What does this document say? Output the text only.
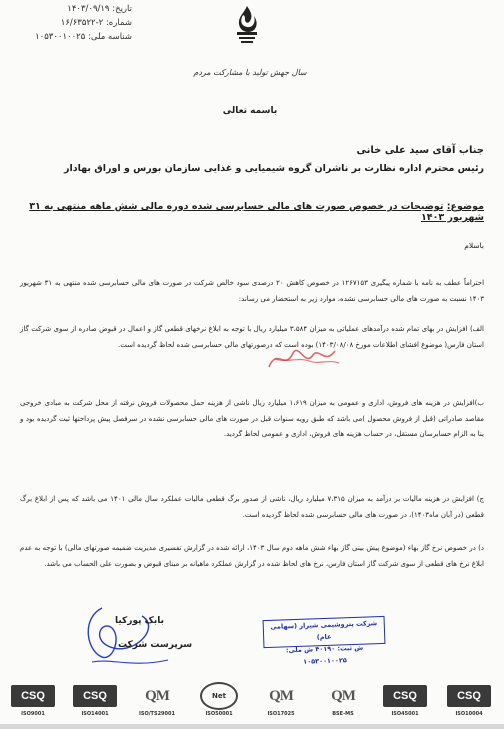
تاریخ: ۱۴۰۳/۰۹/۱۹
شماره: ۲-۱۶/۶۳۵۲۲
شناسه ملی: ۱۰۵۳۰۰۱۰۰۲۵
سال جهش تولید با مشارکت مردم
باسمه تعالی
جناب آقای سید علی خانی
رئیس محترم اداره نظارت بر ناشران گروه شیمیایی و غذایی سازمان بورس و اوراق بهادار
موضوع: توضیحات در خصوص صورت های مالی حسابرسی شده دوره مالی شش ماهه منتهی به ۳۱ شهریور ۱۴۰۳
باسلام
احتراماً عطف به نامه با شماره پیگیری ۱۲۶۷۱۵۳ در خصوص کاهش ۲۰ درصدی سود خالص شرکت در صورت های مالی حسابرسی شده منتهی به ۳۱ شهریور ۱۴۰۳ نسبت به صورت های مالی حسابرسی نشده، موارد زیر به استحضار می رساند:
الف) افزایش در بهای تمام شده درآمدهای عملیاتی به میزان ۳،۵۸۴ میلیارد ریال با توجه به ابلاغ نرخهای قطعی گاز و اعمال در قبوض صادره از سوی شرکت گاز استان فارس( موضوع افشای اطلاعات مورخ ۱۴۰۳/۰۸/۰۸) بوده است که درصورتهای مالی حسابرسی شده لحاظ گردیده است.
ب)افزایش در هزینه های فروش، اداری و عمومی به میزان ۱،۶۱۹ میلیارد ریال ناشی از هزینه حمل محصولات فروش نرفته از محل شرکت به مبادی خروجی مقاصد صادراتی (قبل از فروش محصول )می باشد که طبق رویه سنوات قبل در صورت های مالی حسابرسی نشده در سرفصل پیش پرداختها ثبت گردیده بود و بنا به الزام حسابرسان مستقل، در حساب هزینه های فروش، اداری و عمومی لحاظ گردید.
ج) افزایش در هزینه مالیات بر درآمد به میزان ۷،۳۱۵ میلیارد ریال، ناشی از صدور برگ قطعی مالیات عملکرد سال مالی ۱۴۰۱ می باشد که پس از ابلاغ برگ قطعی (در آبان ماه۱۴۰۳)، در صورت های مالی حسابرسی شده لحاظ گردیده است.
د) در خصوص نرخ گاز بهاء (موضوع پیش بینی گاز بهاء شش ماهه دوم سال ۱۴۰۳، ارائه شده در گزارش تفسیری مدیریت ضمیمه صورتهای مالی) با توجه به عدم ابلاغ نرخ های قطعی از سوی شرکت گاز استان فارس، نرخ های لحاظ شده در گزارش عملکرد ماهیانه بر مبنای قبوض و بصورت علی الحساب می باشد.
شرکت پتروشیمی شیراز (سهامی عام)
ش ثبت: ۴۰۱۹۰ ش ملی: ۱۰۵۳۰۰۱۰۰۲۵
بابک پورکیا
سرپرست شرکت
CSQ
ISO9001
CSQ
ISO14001
QM
ISO/TS29001
Net
ISO50001
QM
ISO17025
QM
BSE-MS
CSQ
ISO45001
CSQ
ISO10004
